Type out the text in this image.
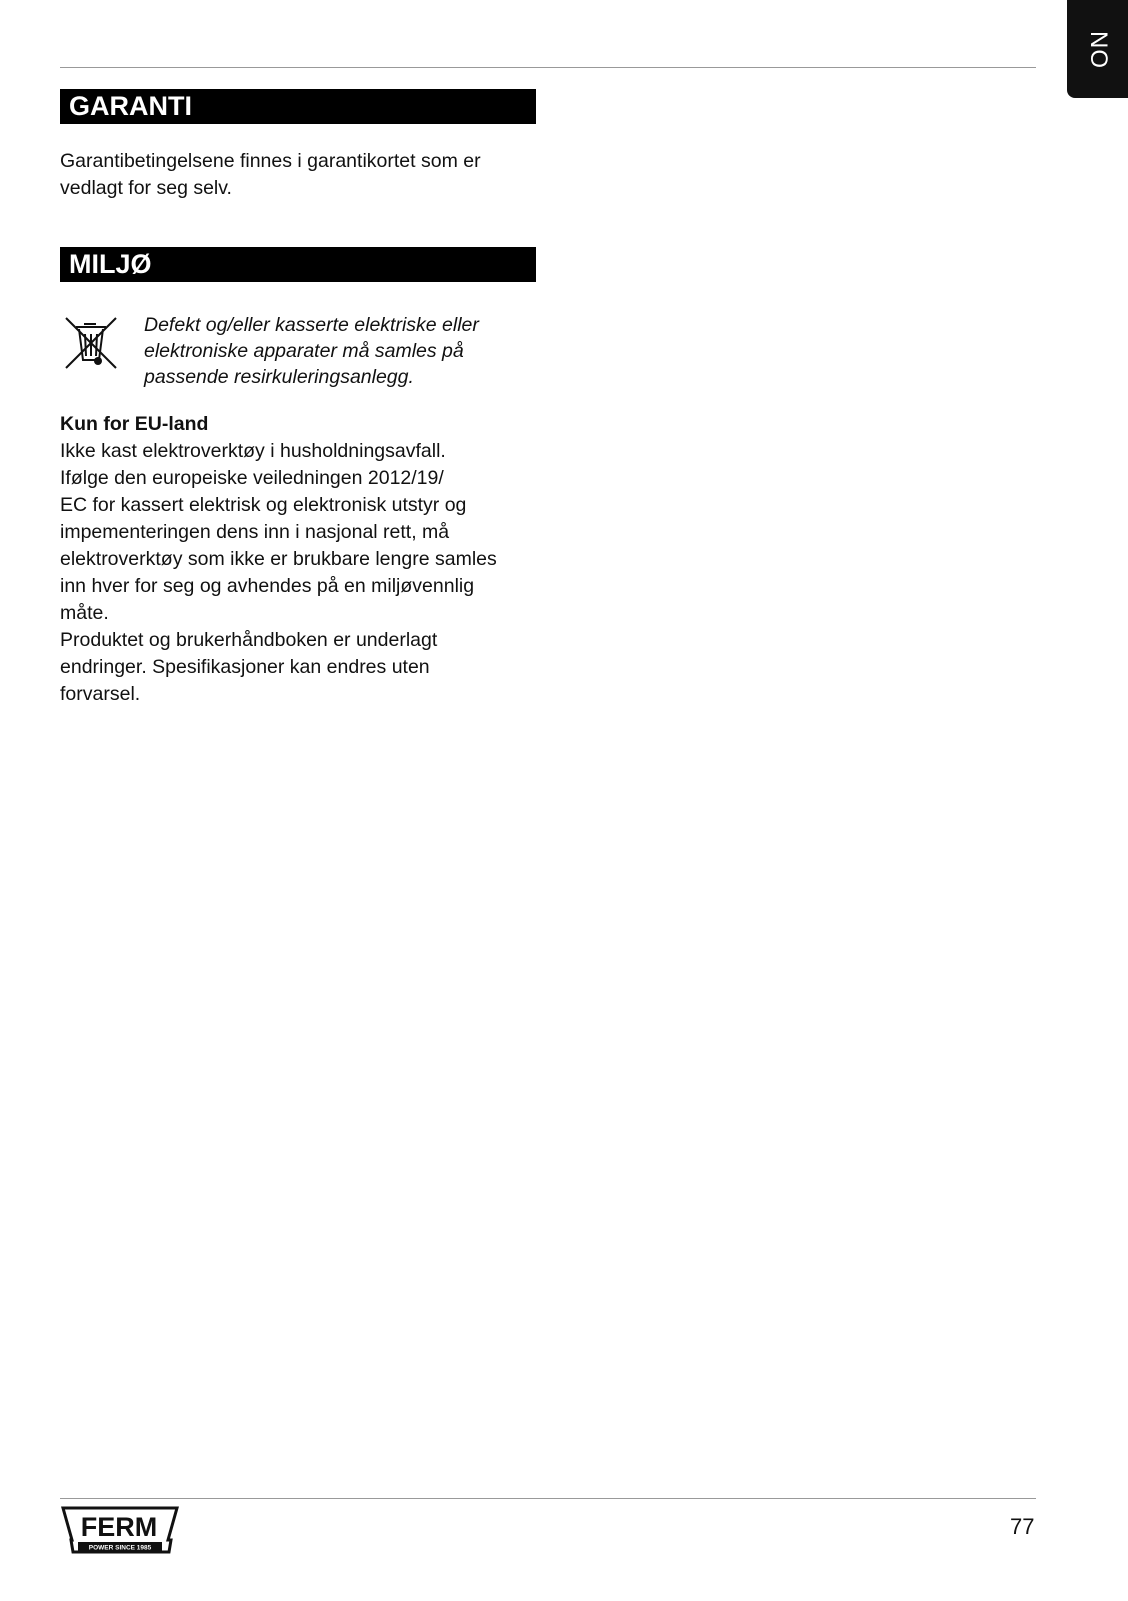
NO
GARANTI

Garantibetingelsene finnes i garantikortet som er

vedlagt for seg selv.

MILJØ
Defekt og/eller kasserte elektriske eller
elektroniske apparater må samles på
passende resirkuleringsanlegg.

Kun for EU-land

Ikke kast elektroverktøy i husholdningsavfall.

Ifølge den europeiske veiledningen 2012/19/

EC for kassert elektrisk og elektronisk utstyr og

impementeringen dens inn i nasjonal rett, må

elektroverktøy som ikke er brukbare lengre samles

inn hver for seg og avhendes på en miljøvennlig

måte.

Produktet og brukerhåndboken er underlagt

endringer. Spesifikasjoner kan endres uten

forvarsel.

FERM
POWER SINCE 1985
77
